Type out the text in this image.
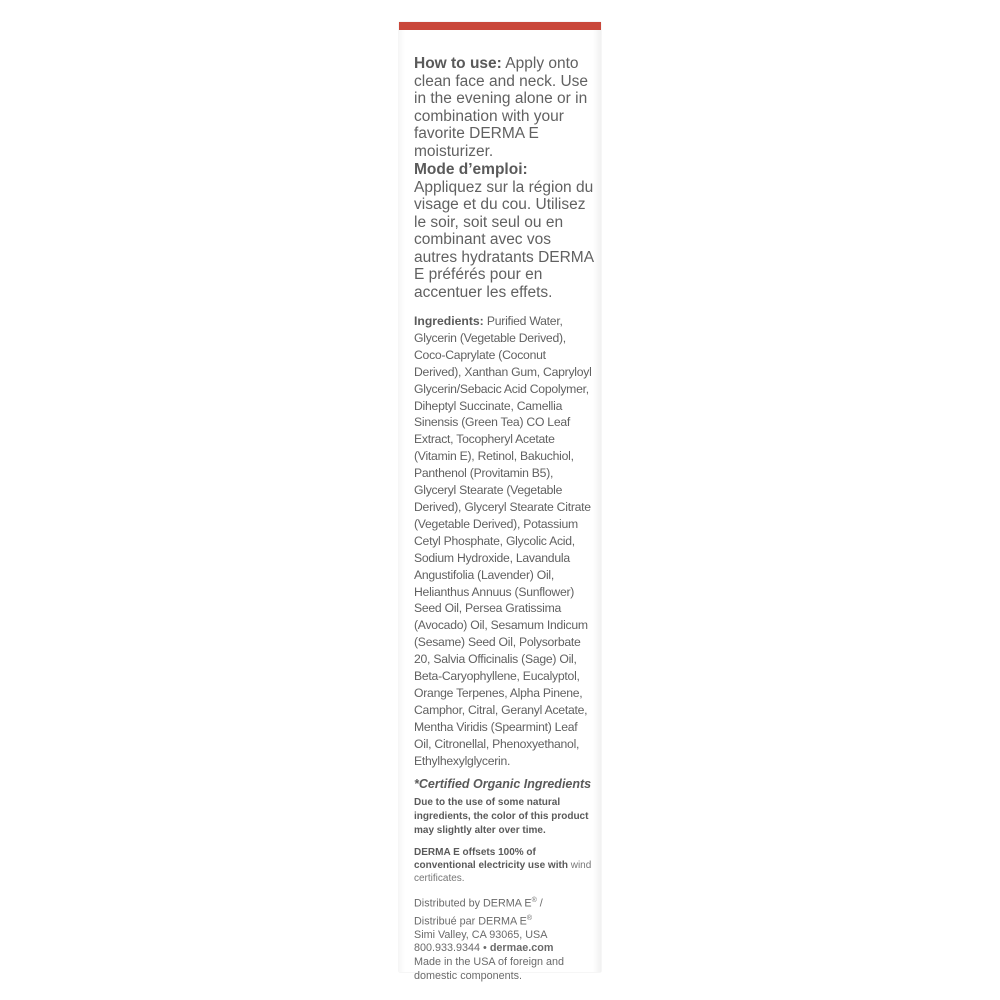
How to use: Apply onto clean face and neck. Use in the evening alone or in combination with your favorite DERMA E moisturizer.

Mode d’emploi:

Appliquez sur la région du visage et du cou. Utilisez le soir, soit seul ou en combinant avec vos autres hydratants DERMA E préférés pour en accentuer les effets.

Ingredients: Purified Water, Glycerin (Vegetable Derived), Coco-Caprylate (Coconut Derived), Xanthan Gum, Capryloyl Glycerin/Sebacic Acid Copolymer, Diheptyl Succinate, Camellia Sinensis (Green Tea) CO Leaf Extract, Tocopheryl Acetate (Vitamin E), Retinol, Bakuchiol, Panthenol (Provitamin B5), Glyceryl Stearate (Vegetable Derived), Glyceryl Stearate Citrate (Vegetable Derived), Potassium Cetyl Phosphate, Glycolic Acid, Sodium Hydroxide, Lavandula Angustifolia (Lavender) Oil, Helianthus Annuus (Sunflower) Seed Oil, Persea Gratissima (Avocado) Oil, Sesamum Indicum (Sesame) Seed Oil, Polysorbate 20, Salvia Officinalis (Sage) Oil, Beta-Caryophyllene, Eucalyptol, Orange Terpenes, Alpha Pinene, Camphor, Citral, Geranyl Acetate, Mentha Viridis (Spearmint) Leaf Oil, Citronellal, Phenoxyethanol, Ethylhexylglycerin.

*Certified Organic Ingredients

Due to the use of some natural ingredients, the color of this product may slightly alter over time.

DERMA E offsets 100% of conventional electricity use with wind certificates.

Distributed by DERMA E® /
Distribué par DERMA E®
Simi Valley, CA 93065, USA
800.933.9344 • dermae.com
Made in the USA of foreign and domestic components.
